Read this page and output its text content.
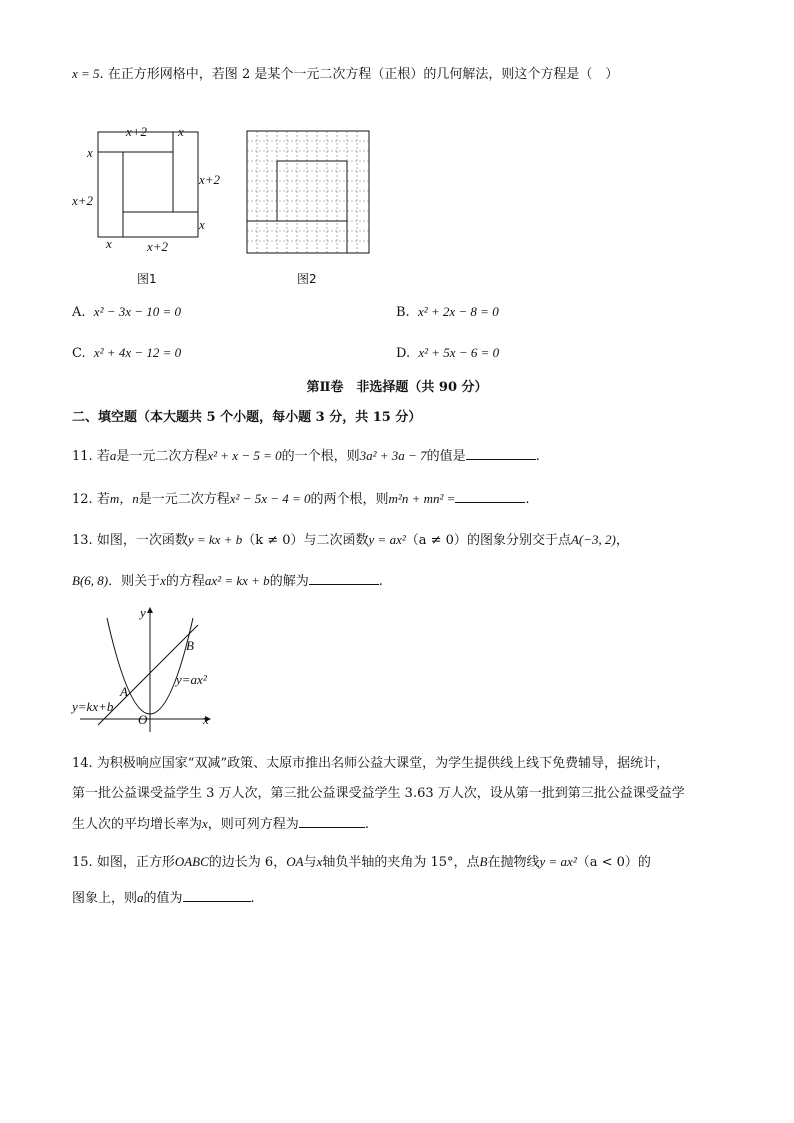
x = 5. 在正方形网格中，若图 2 是某个一元二次方程（正根）的几何解法，则这个方程是（　）
x+2 x
x
x+2
x+2
x
x	x+2
图1	图2
A. x² − 3x − 10 = 0	B. x² + 2x − 8 = 0
C. x² + 4x − 12 = 0	D. x² + 5x − 6 = 0
第Ⅱ卷　非选择题（共 90 分）
二、填空题（本大题共 5 个小题，每小题 3 分，共 15 分）
11. 若a是一元二次方程x² + x − 5 = 0的一个根，则3a² + 3a − 7的值是	.
12. 若m，n是一元二次方程x² − 5x − 4 = 0的两个根，则m²n + mn² =	.
13. 如图，一次函数y = kx + b（k ≠ 0）与二次函数y = ax²（a ≠ 0）的图象分别交于点A(−3, 2)，
B(6, 8)．则关于x的方程ax² = kx + b的解为	.
y
x
O
A
B
y=ax²
y=kx+b
14. 为积极响应国家“双减”政策、太原市推出名师公益大课堂，为学生提供线上线下免费辅导，据统计，
第一批公益课受益学生 3 万人次，第三批公益课受益学生 3.63 万人次，设从第一批到第三批公益课受益学
生人次的平均增长率为x，则可列方程为	.
15. 如图，正方形OABC的边长为 6，OA与x轴负半轴的夹角为 15°，点B在抛物线y = ax²（a < 0）的
图象上，则a的值为	.
